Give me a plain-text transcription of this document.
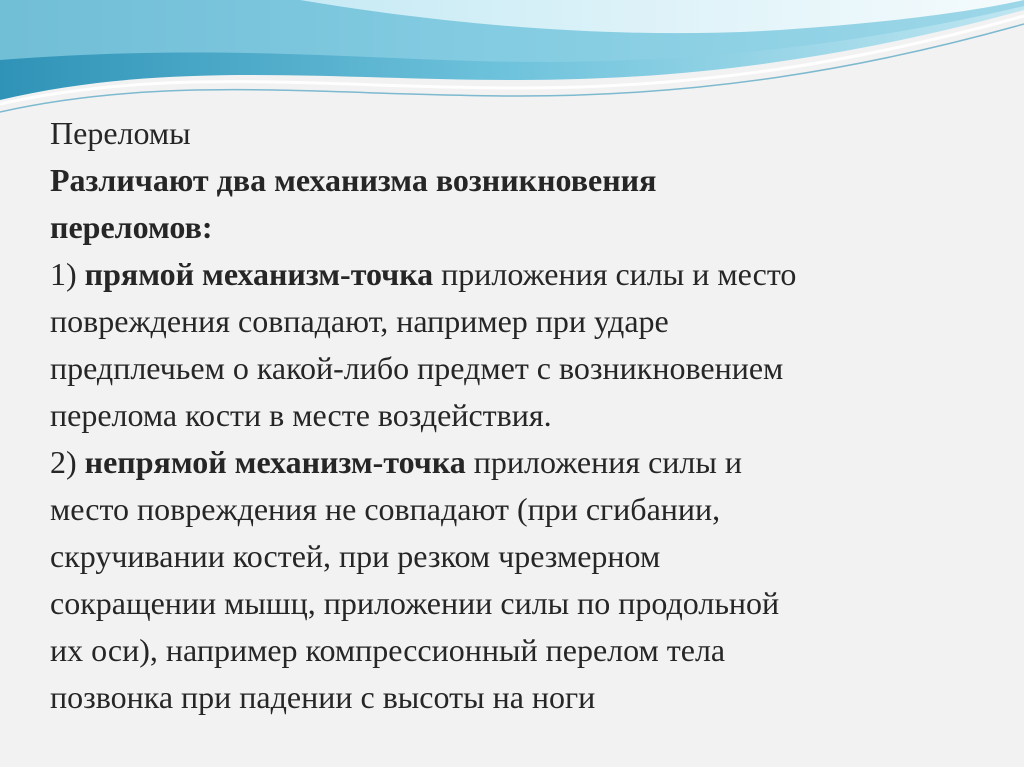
Переломы
Различают два механизма возникновения
переломов:
1) прямой механизм-точка приложения силы и место
повреждения совпадают, например при ударе
предплечьем о какой-либо предмет с возникновением
перелома кости в месте воздействия.
2) непрямой механизм-точка приложения силы и
место повреждения не совпадают (при сгибании,
скручивании костей, при резком чрезмерном
сокращении мышц, приложении силы по продольной
их оси), например компрессионный перелом тела
позвонка при падении с высоты на ноги
